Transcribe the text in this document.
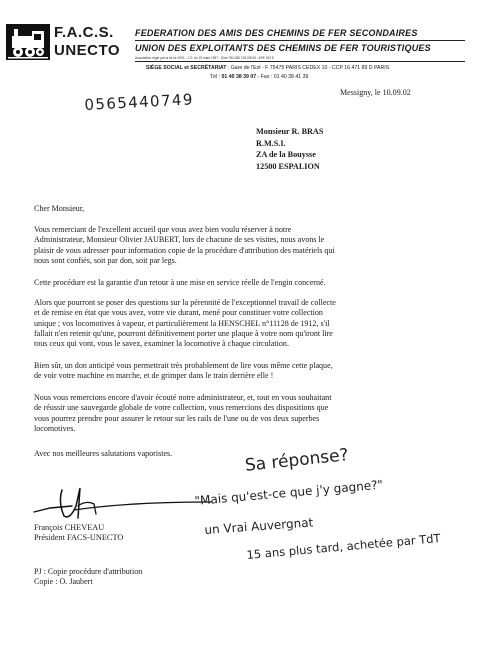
F.A.C.S.
UNECTO
FEDERATION DES AMIS DES CHEMINS DE FER SECONDAIRES
UNION DES EXPLOITANTS DES CHEMINS DE FER TOURISTIQUES
Association régie par la loi de 1901 - J.O. du 19 mars 1957 - Siret 784 286 718 00019 - APE 913 E
SIÈGE SOCIAL et SECRÉTARIAT : Gare de l'Est - F 75475 PARIS CEDEX 10 - CCP 16 471 89 D PARIS
Tél : 01 40 38 39 07 - Fax : 01 40 38 41 39
Messigny, le 10.09.02
0565440749
Monsieur R. BRAS
R.M.S.I.
ZA de la Bouysse
12500 ESPALION
Cher Monsieur,

Vous remerciant de l'excellent accueil que vous avez bien voulu réserver à notre

Administrateur, Monsieur Olivier JAUBERT, lors de chacune de ses visites, nous avons le

plaisir de vous adresser pour information copie de la procédure d'attribution des matériels qui

nous sont confiés, soit par don, soit par legs.

Cette procédure est la garantie d'un retour à une mise en service réelle de l'engin concerné.

Alors que pourront se poser des questions sur la pérennité de l'exceptionnel travail de collecte

et de remise en état que vous avez, votre vie durant, mené pour constituer votre collection

unique ; vos locomotives à vapeur, et particulièrement la HENSCHEL n°11128 de 1912, s'il

fallait n'en retenir qu'une, pourront définitivement porter une plaque à votre nom qu'iront lire

tous ceux qui vont, vous le savez, examiner la locomotive à chaque circulation.

Bien sûr, un don anticipé vous permettrait très probablement de lire vous même cette plaque,

de voir votre machine en marche, et de grimper dans le train derrière elle !

Nous vous remercions encore d'avoir écouté notre administrateur, et, tout en vous souhaitant

de réussir une sauvegarde globale de votre collection, vous remercions des dispositions que

vous pourrez prendre pour assurer le retour sur les rails de l'une ou de vos deux superbes

locomotives.

Avec nos meilleures salutations vaporistes.

François CHEVEAU

Président FACS-UNECTO

Sa réponse?
"Mais qu'est-ce que j'y gagne?"
un Vrai Auvergnat
15 ans plus tard, achetée par TdT

PJ : Copie procédure d'attribution

Copie : O. Jaubert
